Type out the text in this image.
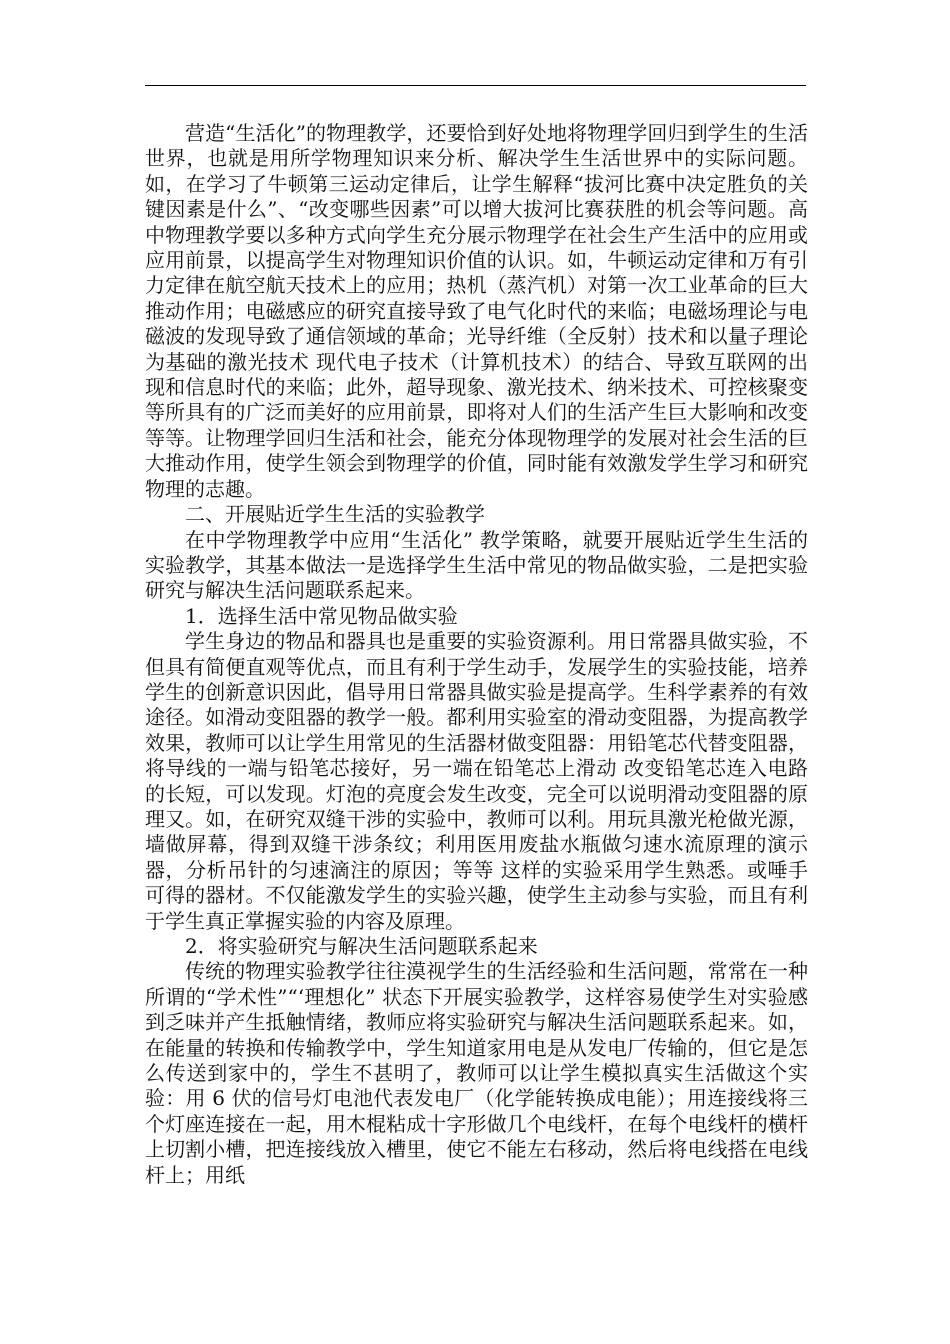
营造“生活化”的物理教学，还要恰到好处地将物理学回归到学生的生活世界，也就是用所学物理知识来分析、解决学生生活世界中的实际问题。如，在学习了牛顿第三运动定律后，让学生解释“拔河比赛中决定胜负的关键因素是什么”、“改变哪些因素”可以增大拔河比赛获胜的机会等问题。高中物理教学要以多种方式向学生充分展示物理学在社会生产生活中的应用或应用前景，以提高学生对物理知识价值的认识。如，牛顿运动定律和万有引力定律在航空航天技术上的应用；热机（蒸汽机）对第一次工业革命的巨大推动作用；电磁感应的研究直接导致了电气化时代的来临；电磁场理论与电磁波的发现导致了通信领域的革命；光导纤维（全反射）技术和以量子理论为基础的激光技术 现代电子技术（计算机技术）的结合、导致互联网的出现和信息时代的来临；此外，超导现象、激光技术、纳米技术、可控核聚变等所具有的广泛而美好的应用前景，即将对人们的生活产生巨大影响和改变等等。让物理学回归生活和社会，能充分体现物理学的发展对社会生活的巨大推动作用，使学生领会到物理学的价值，同时能有效激发学生学习和研究物理的志趣。

二、开展贴近学生生活的实验教学

在中学物理教学中应用“生活化” 教学策略，就要开展贴近学生生活的实验教学，其基本做法一是选择学生生活中常见的物品做实验，二是把实验研究与解决生活问题联系起来。

1．选择生活中常见物品做实验

学生身边的物品和器具也是重要的实验资源利。用日常器具做实验，不但具有简便直观等优点，而且有利于学生动手，发展学生的实验技能，培养学生的创新意识因此，倡导用日常器具做实验是提高学。生科学素养的有效途径。如滑动变阻器的教学一般。都利用实验室的滑动变阻器，为提高教学效果，教师可以让学生用常见的生活器材做变阻器：用铅笔芯代替变阻器，将导线的一端与铅笔芯接好，另一端在铅笔芯上滑动 改变铅笔芯连入电路的长短，可以发现。灯泡的亮度会发生改变，完全可以说明滑动变阻器的原理又。如，在研究双缝干涉的实验中，教师可以利。用玩具激光枪做光源，墙做屏幕，得到双缝干涉条纹；利用医用废盐水瓶做匀速水流原理的演示器，分析吊针的匀速滴注的原因；等等 这样的实验采用学生熟悉。或唾手可得的器材。不仅能激发学生的实验兴趣，使学生主动参与实验，而且有利于学生真正掌握实验的内容及原理。

2．将实验研究与解决生活问题联系起来

传统的物理实验教学往往漠视学生的生活经验和生活问题，常常在一种所谓的“学术性”“‘理想化” 状态下开展实验教学，这样容易使学生对实验感到乏味并产生抵触情绪，教师应将实验研究与解决生活问题联系起来。如，在能量的转换和传输教学中，学生知道家用电是从发电厂传输的，但它是怎么传送到家中的，学生不甚明了，教师可以让学生模拟真实生活做这个实验：用 6 伏的信号灯电池代表发电厂（化学能转换成电能）；用连接线将三个灯座连接在一起，用木棍粘成十字形做几个电线杆，在每个电线杆的横杆上切割小槽，把连接线放入槽里，使它不能左右移动，然后将电线搭在电线杆上；用纸
